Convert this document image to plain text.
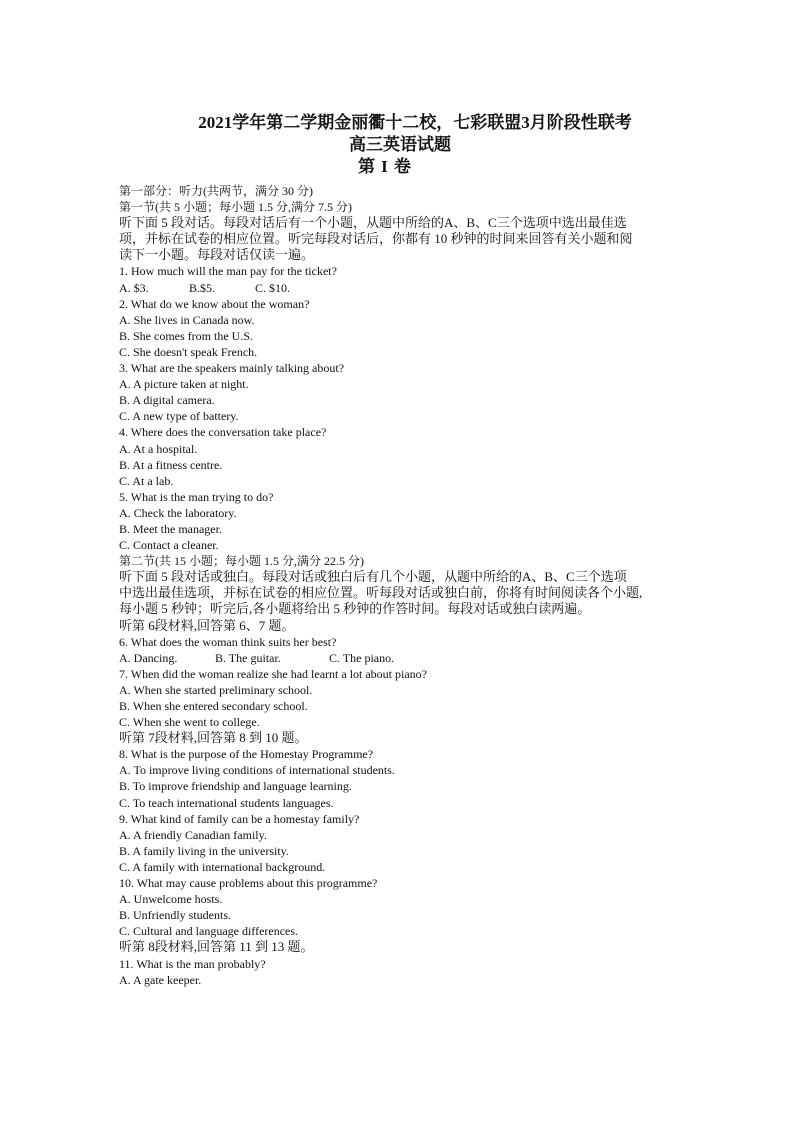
2021学年第二学期金丽衢十二校，七彩联盟3月阶段性联考
高三英语试题
第 I 卷
第一部分：听力(共两节，满分 30 分)
第一节(共 5 小题；每小题 1.5 分,满分 7.5 分)
听下面 5 段对话。每段对话后有一个小题，从题中所给的A、B、C三个选项中选出最佳选
项，并标在试卷的相应位置。听完每段对话后，你都有 10 秒钟的时间来回答有关小题和阅
读下一小题。每段对话仅读一遍。
1. How much will the man pay for the ticket?
A. $3.	B.$5.	C. $10.
2. What do we know about the woman?
A. She lives in Canada now.
B. She comes from the U.S.
C. She doesn't speak French.
3. What are the speakers mainly talking about?
A. A picture taken at night.
B. A digital camera.
C. A new type of battery.
4. Where does the conversation take place?
A. At a hospital.
B. At a fitness centre.
C. At a lab.
5. What is the man trying to do?
A. Check the laboratory.
B. Meet the manager.
C. Contact a cleaner.
第二节(共 15 小题；每小题 1.5 分,满分 22.5 分)
听下面 5 段对话或独白。每段对话或独白后有几个小题，从题中所给的A、B、C三个选项
中选出最佳选项，并标在试卷的相应位置。听每段对话或独白前，你将有时间阅读各个小题,
每小题 5 秒钟；听完后,各小题将给出 5 秒钟的作答时间。每段对话或独白读两遍。
听第 6段材料,回答第 6、7 题。
6. What does the woman think suits her best?
A. Dancing.	B. The guitar.	C. The piano.
7. When did the woman realize she had learnt a lot about piano?
A. When she started preliminary school.
B. When she entered secondary school.
C. When she went to college.
听第 7段材料,回答第 8 到 10 题。
8. What is the purpose of the Homestay Programme?
A. To improve living conditions of international students.
B. To improve friendship and language learning.
C. To teach international students languages.
9. What kind of family can be a homestay family?
A. A friendly Canadian family.
B. A family living in the university.
C. A family with international background.
10. What may cause problems about this programme?
A. Unwelcome hosts.
B. Unfriendly students.
C. Cultural and language differences.
听第 8段材料,回答第 11 到 13 题。
11. What is the man probably?
A. A gate keeper.
